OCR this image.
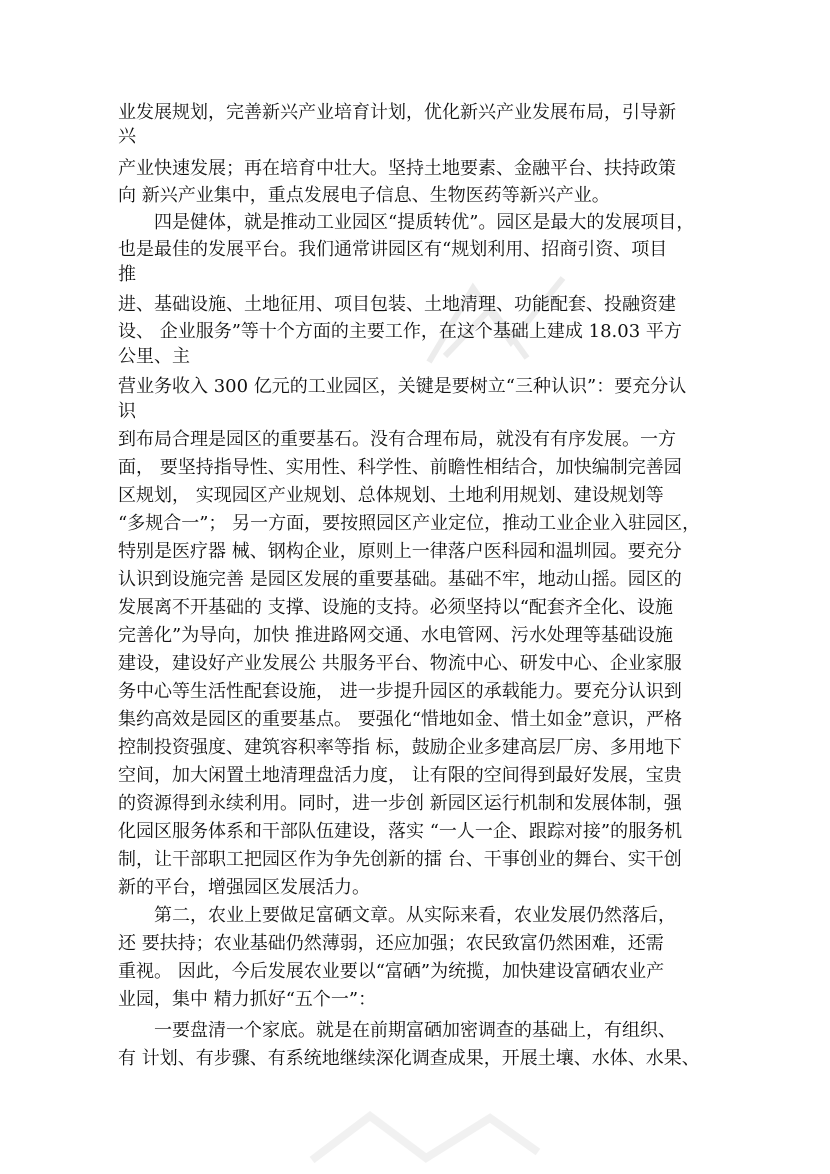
业发展规划，完善新兴产业培育计划，优化新兴产业发展布局，引导新

兴

产业快速发展；再在培育中壮大。坚持土地要素、金融平台、扶持政策

向 新兴产业集中，重点发展电子信息、生物医药等新兴产业。

四是健体，就是推动工业园区“提质转优”。园区是最大的发展项目，

也是最佳的发展平台。我们通常讲园区有“规划利用、招商引资、项目

推

进、基础设施、土地征用、项目包装、土地清理、功能配套、投融资建

设、 企业服务”等十个方面的主要工作，在这个基础上建成 18.03 平方

公里、主

营业务收入 300 亿元的工业园区，关键是要树立“三种认识”：要充分认

识

到布局合理是园区的重要基石。没有合理布局，就没有有序发展。一方

面， 要坚持指导性、实用性、科学性、前瞻性相结合，加快编制完善园

区规划， 实现园区产业规划、总体规划、土地利用规划、建设规划等

“多规合一”； 另一方面，要按照园区产业定位，推动工业企业入驻园区，

特别是医疗器 械、钢构企业，原则上一律落户医科园和温圳园。要充分

认识到设施完善 是园区发展的重要基础。基础不牢，地动山摇。园区的

发展离不开基础的 支撑、设施的支持。必须坚持以“配套齐全化、设施

完善化”为导向，加快 推进路网交通、水电管网、污水处理等基础设施

建设，建设好产业发展公 共服务平台、物流中心、研发中心、企业家服

务中心等生活性配套设施， 进一步提升园区的承载能力。要充分认识到

集约高效是园区的重要基点。 要强化“惜地如金、惜土如金”意识，严格

控制投资强度、建筑容积率等指 标，鼓励企业多建高层厂房、多用地下

空间，加大闲置土地清理盘活力度， 让有限的空间得到最好发展，宝贵

的资源得到永续利用。同时，进一步创 新园区运行机制和发展体制，强

化园区服务体系和干部队伍建设，落实 “一人一企、跟踪对接”的服务机

制，让干部职工把园区作为争先创新的擂 台、干事创业的舞台、实干创

新的平台，增强园区发展活力。

第二，农业上要做足富硒文章。从实际来看，农业发展仍然落后，

还 要扶持；农业基础仍然薄弱，还应加强；农民致富仍然困难，还需

重视。 因此，今后发展农业要以“富硒”为统揽，加快建设富硒农业产

业园，集中 精力抓好“五个一”：

一要盘清一个家底。就是在前期富硒加密调查的基础上，有组织、

有 计划、有步骤、有系统地继续深化调查成果，开展土壤、水体、水果、
